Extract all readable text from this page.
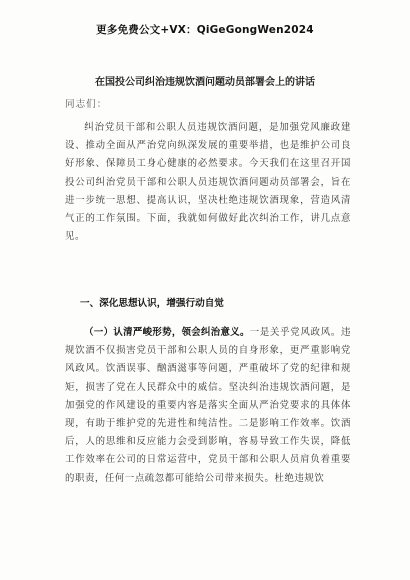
更多免费公文+VX：QiGeGongWen2024
在国投公司纠治违规饮酒问题动员部署会上的讲话
同志们：
纠治党员干部和公职人员违规饮酒问题，是加强党风廉政建设、推动全面从严治党向纵深发展的重要举措，也是维护公司良好形象、保障员工身心健康的必然要求。今天我们在这里召开国投公司纠治党员干部和公职人员违规饮酒问题动员部署会，旨在进一步统一思想、提高认识，坚决杜绝违规饮酒现象，营造风清气正的工作氛围。下面，我就如何做好此次纠治工作，讲几点意见。
一、深化思想认识，增强行动自觉
（一）认清严峻形势，领会纠治意义。一是关乎党风政风。违规饮酒不仅损害党员干部和公职人员的自身形象，更严重影响党风政风。饮酒误事、酗酒滋事等问题，严重破坏了党的纪律和规矩，损害了党在人民群众中的威信。坚决纠治违规饮酒问题，是加强党的作风建设的重要内容是落实全面从严治党要求的具体体现，有助于维护党的先进性和纯洁性。二是影响工作效率。饮酒后，人的思维和反应能力会受到影响，容易导致工作失误，降低工作效率在公司的日常运营中，党员干部和公职人员肩负着重要的职责，任何一点疏忽都可能给公司带来损失。杜绝违规饮
